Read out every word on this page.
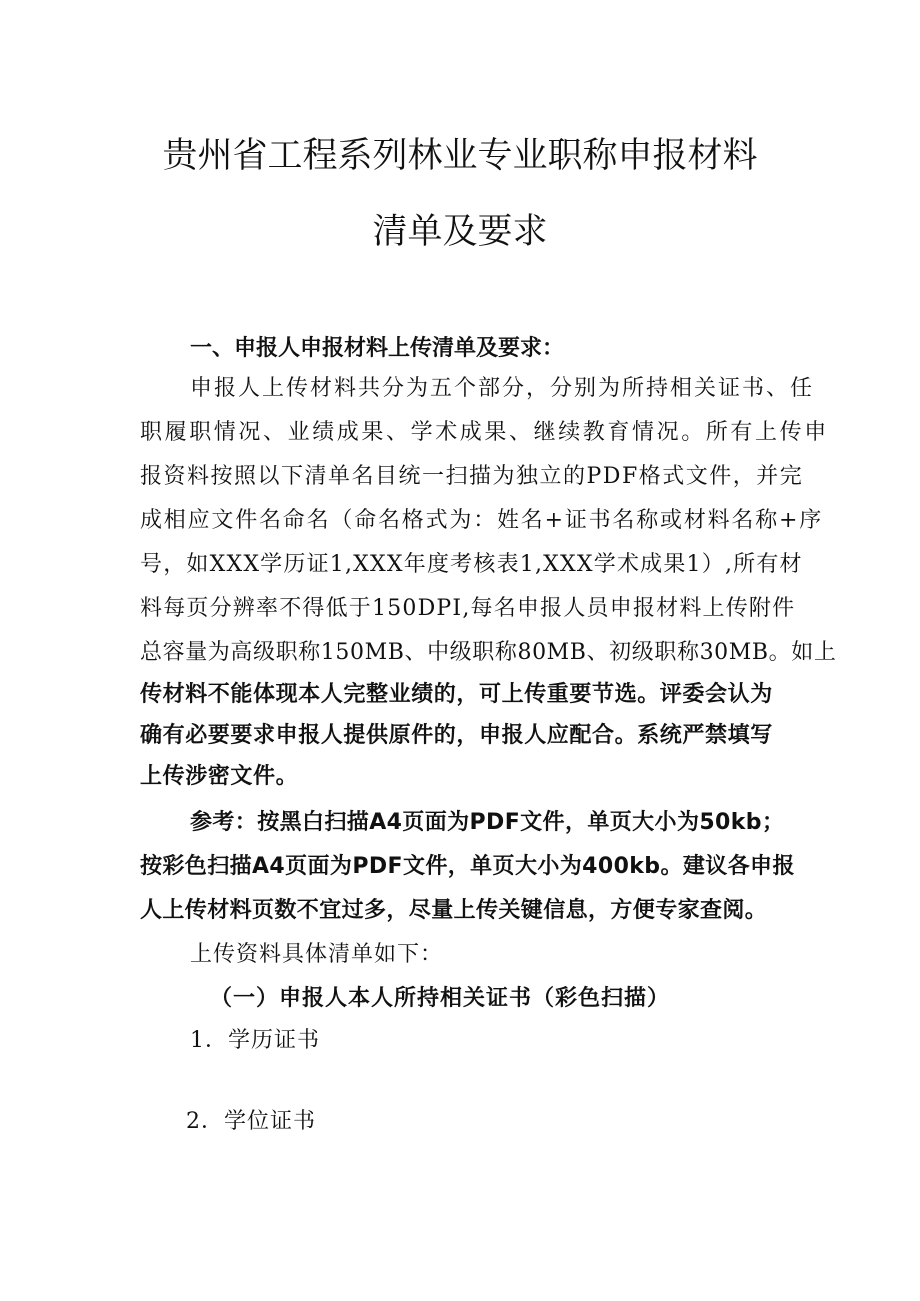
贵州省工程系列林业专业职称申报材料
清单及要求
一、申报人申报材料上传清单及要求：
申报人上传材料共分为五个部分，分别为所持相关证书、任
职履职情况、业绩成果、学术成果、继续教育情况。所有上传申
报资料按照以下清单名目统一扫描为独立的PDF格式文件，并完
成相应文件名命名（命名格式为：姓名+证书名称或材料名称+序
号，如XXX学历证1,XXX年度考核表1,XXX学术成果1）,所有材
料每页分辨率不得低于150DPI,每名申报人员申报材料上传附件
总容量为高级职称150MB、中级职称80MB、初级职称30MB。如上
传材料不能体现本人完整业绩的，可上传重要节选。评委会认为
确有必要要求申报人提供原件的，申报人应配合。系统严禁填写
上传涉密文件。
参考：按黑白扫描A4页面为PDF文件，单页大小为50kb；
按彩色扫描A4页面为PDF文件，单页大小为400kb。建议各申报
人上传材料页数不宜过多，尽量上传关键信息，方便专家查阅。
上传资料具体清单如下：
（一）申报人本人所持相关证书（彩色扫描）
1．学历证书
2．学位证书
